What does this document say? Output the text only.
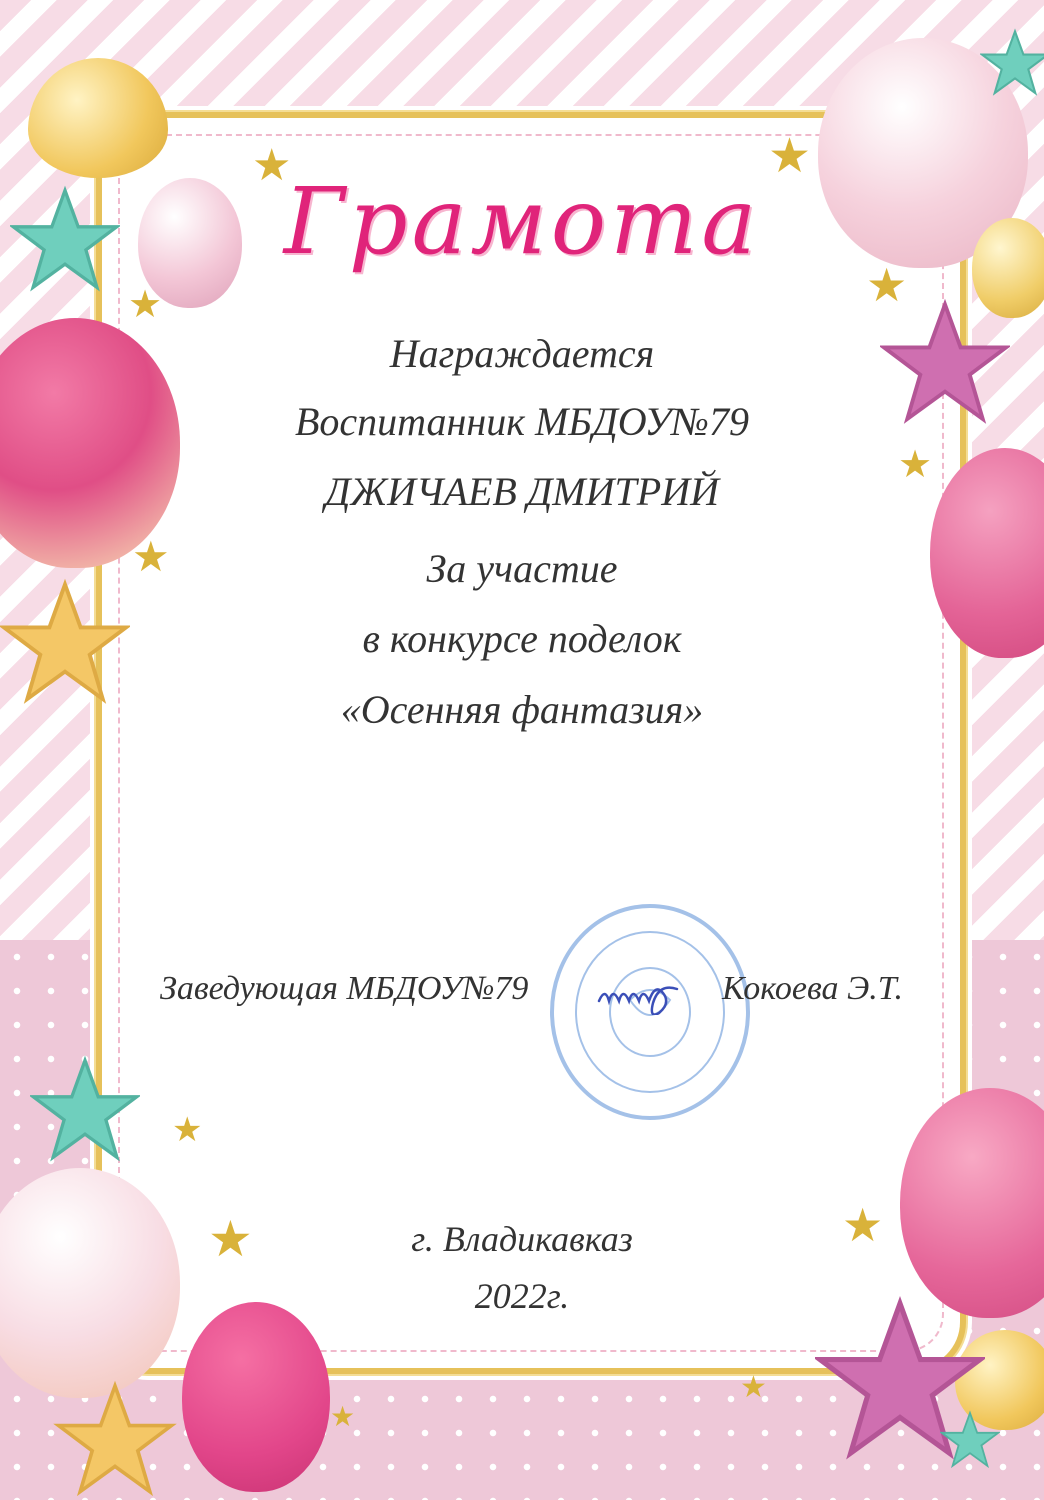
★	★
★
★
★
★
★
★	★
★
★
Грамота
Награждается
Воспитанник МБДОУ№79
ДЖИЧАЕВ ДМИТРИЙ
За участие
в конкурсе поделок
«Осенняя фантазия»
Заведующая МБДОУ№79	Кокоева Э.Т.
г. Владикавказ
2022г.
